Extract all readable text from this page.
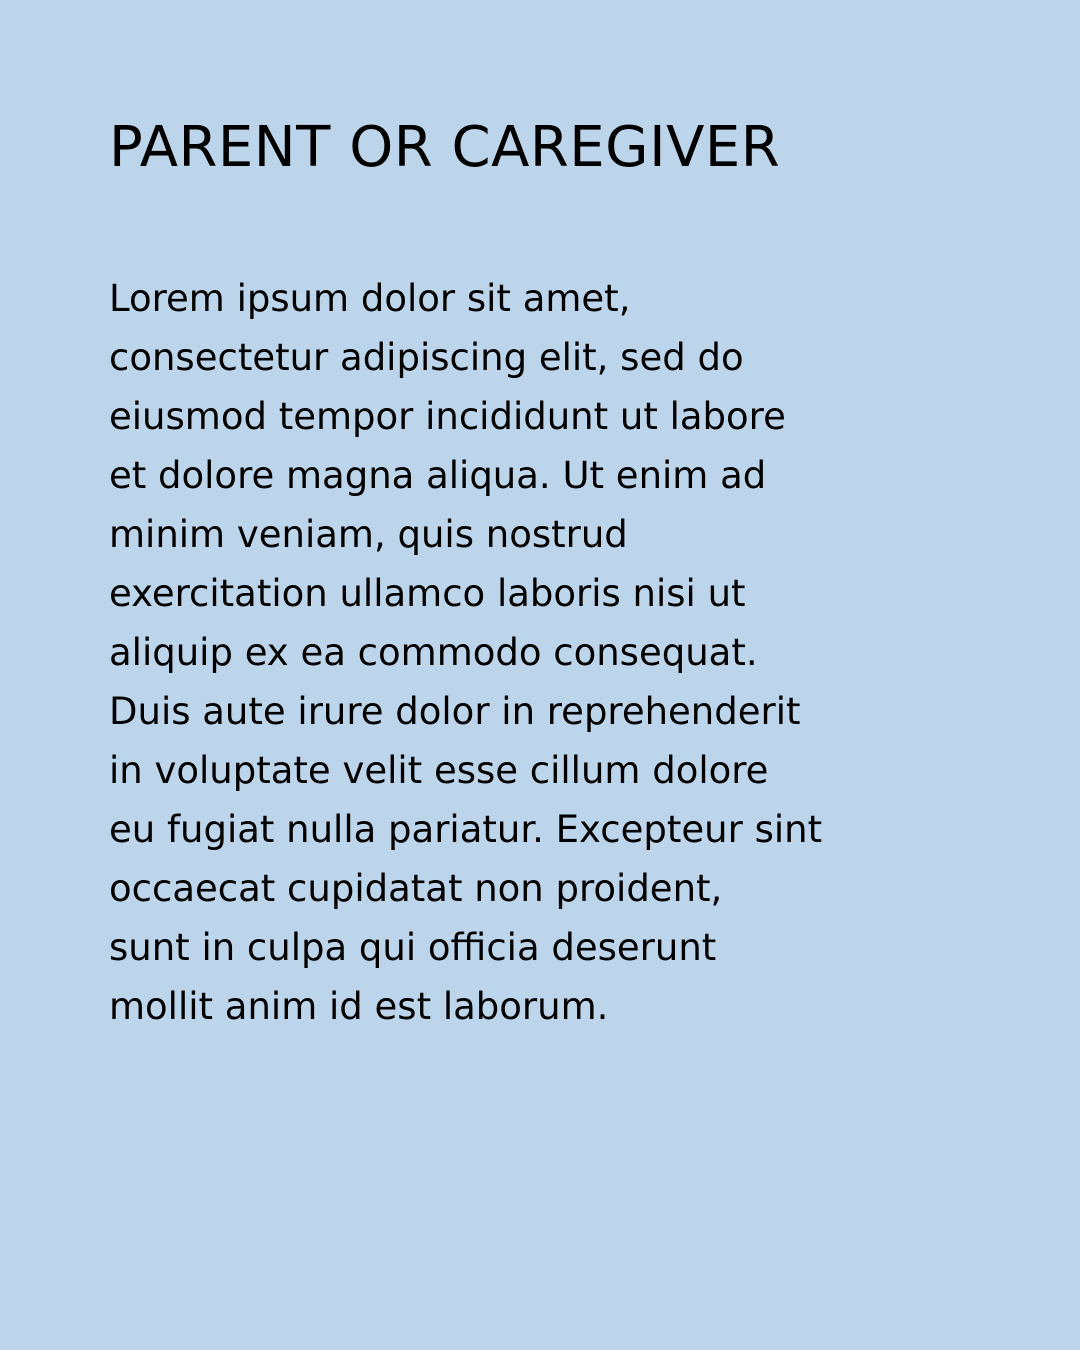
PARENT OR CAREGIVER
Lorem ipsum dolor sit amet,
consectetur adipiscing elit, sed do
eiusmod tempor incididunt ut labore
et dolore magna aliqua. Ut enim ad
minim veniam, quis nostrud
exercitation ullamco laboris nisi ut
aliquip ex ea commodo consequat.
Duis aute irure dolor in reprehenderit
in voluptate velit esse cillum dolore
eu fugiat nulla pariatur. Excepteur sint
occaecat cupidatat non proident,
sunt in culpa qui officia deserunt
mollit anim id est laborum.
